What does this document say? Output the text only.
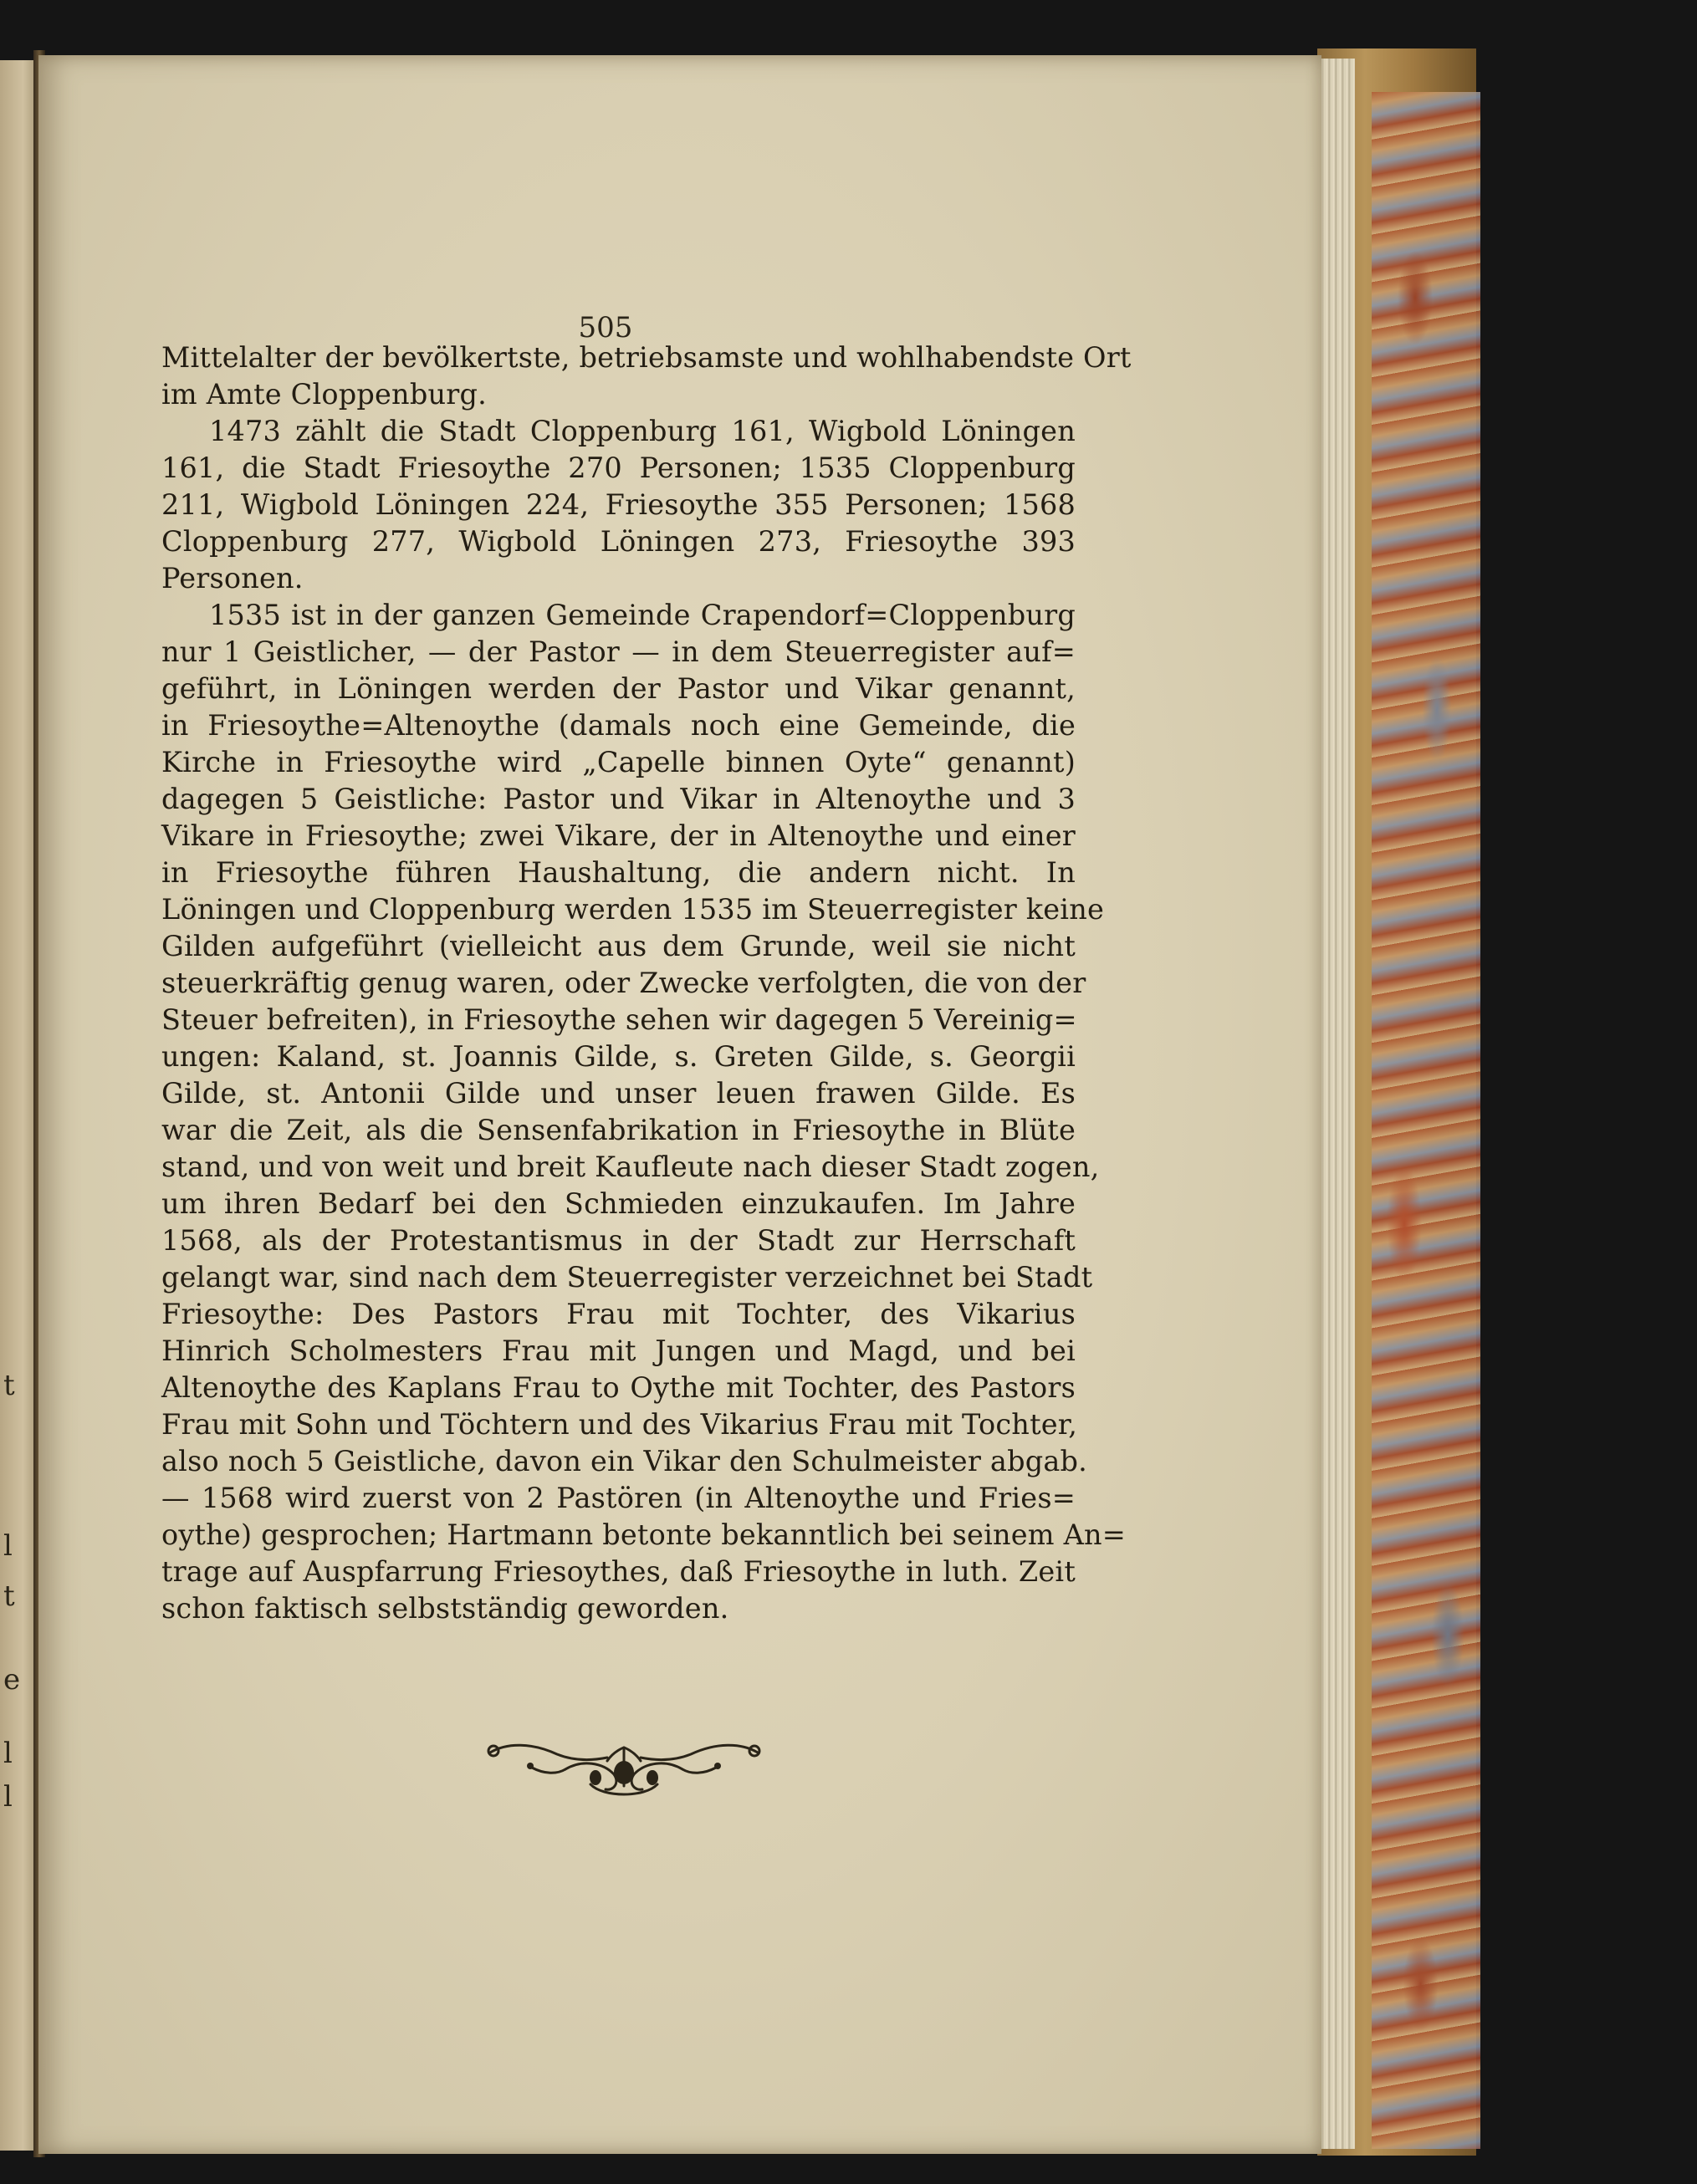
t
l
t
e
l
l
505
Mittelalter der bevölkertste, betriebsamste und wohlhabendste Ort
im Amte Cloppenburg.
1473 zählt die Stadt Cloppenburg 161, Wigbold Löningen
161, die Stadt Friesoythe 270 Personen; 1535 Cloppenburg
211, Wigbold Löningen 224, Friesoythe 355 Personen; 1568
Cloppenburg 277, Wigbold Löningen 273, Friesoythe 393
Personen.
1535 ist in der ganzen Gemeinde Crapendorf=Cloppenburg
nur 1 Geistlicher, — der Pastor — in dem Steuerregister auf=
geführt, in Löningen werden der Pastor und Vikar genannt,
in Friesoythe=Altenoythe (damals noch eine Gemeinde, die
Kirche in Friesoythe wird „Capelle binnen Oyte“ genannt)
dagegen 5 Geistliche: Pastor und Vikar in Altenoythe und 3
Vikare in Friesoythe; zwei Vikare, der in Altenoythe und einer
in Friesoythe führen Haushaltung, die andern nicht. In
Löningen und Cloppenburg werden 1535 im Steuerregister keine
Gilden aufgeführt (vielleicht aus dem Grunde, weil sie nicht
steuerkräftig genug waren, oder Zwecke verfolgten, die von der
Steuer befreiten), in Friesoythe sehen wir dagegen 5 Vereinig=
ungen: Kaland, st. Joannis Gilde, s. Greten Gilde, s. Georgii
Gilde, st. Antonii Gilde und unser leuen frawen Gilde. Es
war die Zeit, als die Sensenfabrikation in Friesoythe in Blüte
stand, und von weit und breit Kaufleute nach dieser Stadt zogen,
um ihren Bedarf bei den Schmieden einzukaufen. Im Jahre
1568, als der Protestantismus in der Stadt zur Herrschaft
gelangt war, sind nach dem Steuerregister verzeichnet bei Stadt
Friesoythe: Des Pastors Frau mit Tochter, des Vikarius
Hinrich Scholmesters Frau mit Jungen und Magd, und bei
Altenoythe des Kaplans Frau to Oythe mit Tochter, des Pastors
Frau mit Sohn und Töchtern und des Vikarius Frau mit Tochter,
also noch 5 Geistliche, davon ein Vikar den Schulmeister abgab.
— 1568 wird zuerst von 2 Pastören (in Altenoythe und Fries=
oythe) gesprochen; Hartmann betonte bekanntlich bei seinem An=
trage auf Auspfarrung Friesoythes, daß Friesoythe in luth. Zeit
schon faktisch selbstständig geworden.
